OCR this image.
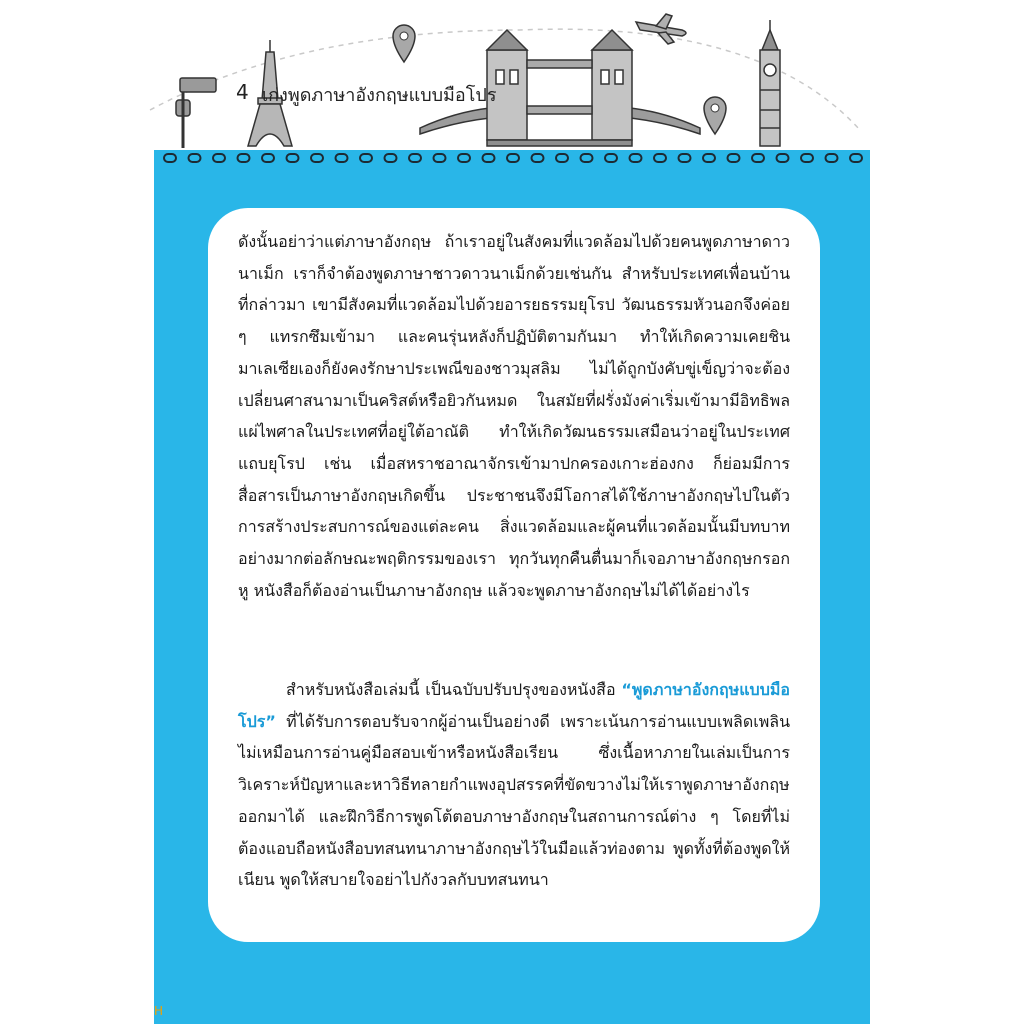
4 เก่งพูดภาษาอังกฤษแบบมือโปร
ดังนั้นอย่าว่าแต่ภาษาอังกฤษ ถ้าเราอยู่ในสังคมที่แวดล้อมไปด้วยคนพูดภาษาดาวนาเม็ก เราก็จำต้องพูดภาษาชาวดาวนาเม็กด้วยเช่นกัน สำหรับประเทศเพื่อนบ้านที่กล่าวมา เขามีสังคมที่แวดล้อมไปด้วยอารยธรรมยุโรป วัฒนธรรมหัวนอกจึงค่อย ๆ แทรกซึมเข้ามา และคนรุ่นหลังก็ปฏิบัติตามกันมา ทำให้เกิดความเคยชิน มาเลเซียเองก็ยังคงรักษาประเพณีของชาวมุสลิม ไม่ได้ถูกบังคับขู่เข็ญว่าจะต้องเปลี่ยนศาสนามาเป็นคริสต์หรือยิวกันหมด ในสมัยที่ฝรั่งมังค่าเริ่มเข้ามามีอิทธิพลแผ่ไพศาลในประเทศที่อยู่ใต้อาณัติ ทำให้เกิดวัฒนธรรมเสมือนว่าอยู่ในประเทศแถบยุโรป เช่น เมื่อสหราชอาณาจักรเข้ามาปกครองเกาะฮ่องกง ก็ย่อมมีการสื่อสารเป็นภาษาอังกฤษเกิดขึ้น ประชาชนจึงมีโอกาสได้ใช้ภาษาอังกฤษไปในตัว การสร้างประสบการณ์ของแต่ละคน สิ่งแวดล้อมและผู้คนที่แวดล้อมนั้นมีบทบาทอย่างมากต่อลักษณะพฤติกรรมของเรา ทุกวันทุกคืนตื่นมาก็เจอภาษาอังกฤษกรอกหู หนังสือก็ต้องอ่านเป็นภาษาอังกฤษ แล้วจะพูดภาษาอังกฤษไม่ได้ได้อย่างไร
สำหรับหนังสือเล่มนี้ เป็นฉบับปรับปรุงของหนังสือ “พูดภาษาอังกฤษแบบมือโปร” ที่ได้รับการตอบรับจากผู้อ่านเป็นอย่างดี เพราะเน้นการอ่านแบบเพลิดเพลิน ไม่เหมือนการอ่านคู่มือสอบเข้าหรือหนังสือเรียน ซึ่งเนื้อหาภายในเล่มเป็นการวิเคราะห์ปัญหาและหาวิธีทลายกำแพงอุปสรรคที่ขัดขวางไม่ให้เราพูดภาษาอังกฤษออกมาได้ และฝึกวิธีการพูดโต้ตอบภาษาอังกฤษในสถานการณ์ต่าง ๆ โดยที่ไม่ต้องแอบถือหนังสือบทสนทนาภาษาอังกฤษไว้ในมือแล้วท่องตาม พูดทั้งที่ต้องพูดให้เนียน พูดให้สบายใจอย่าไปกังวลกับบทสนทนา
H
